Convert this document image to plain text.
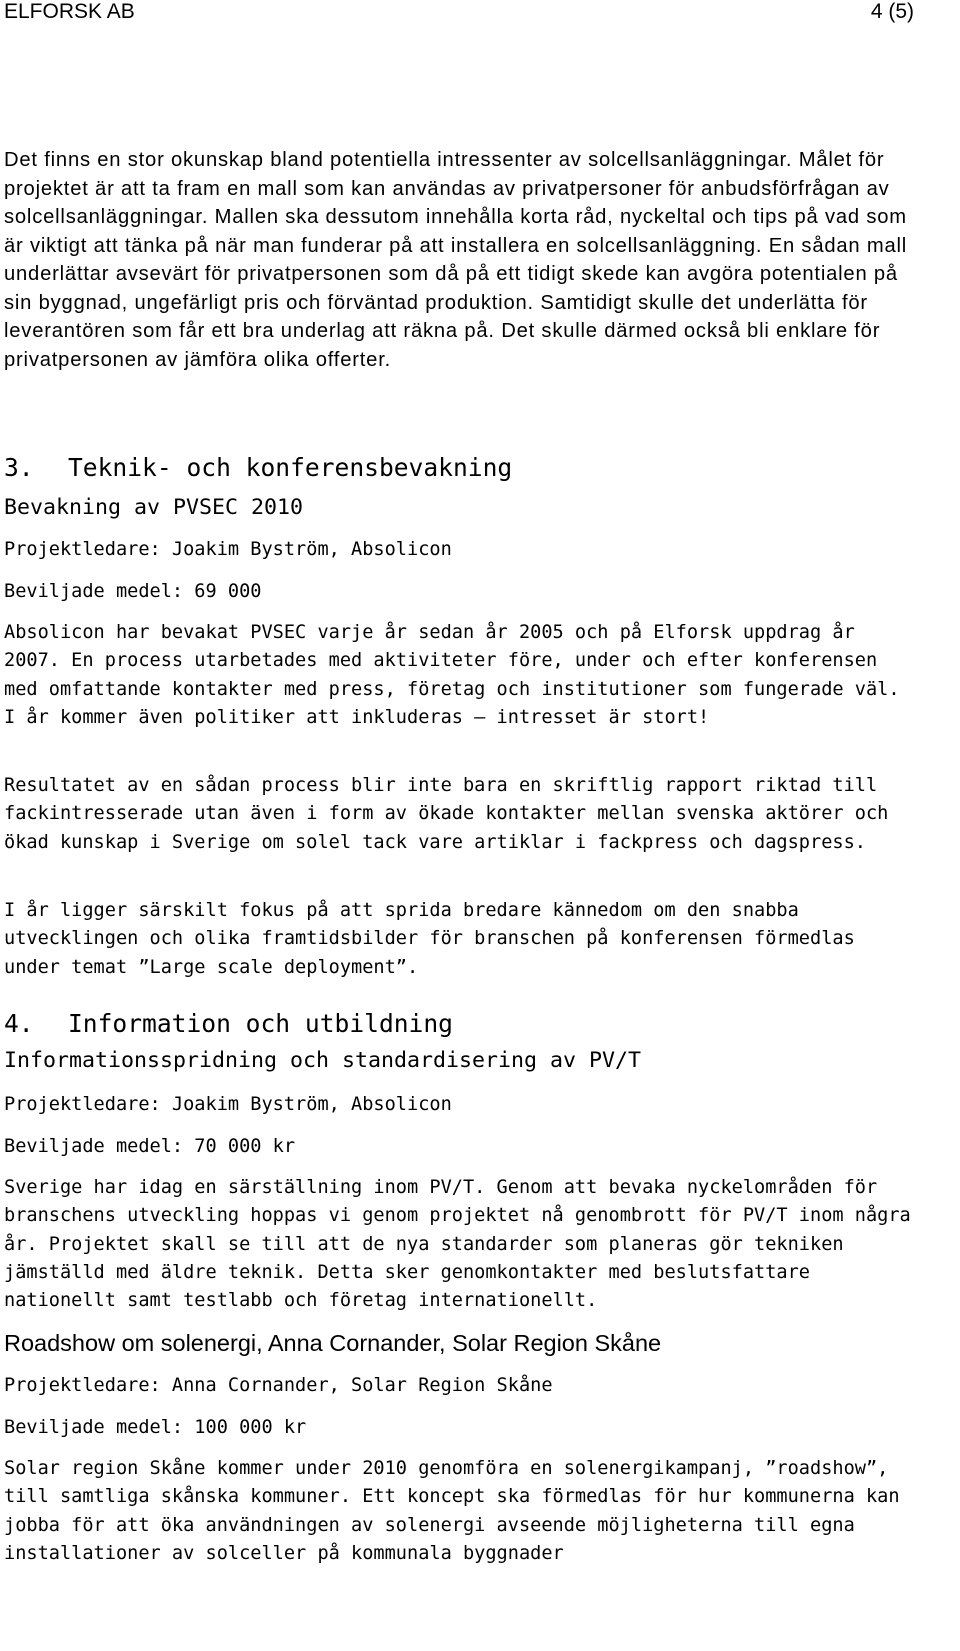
ELFORSK AB	4 (5)

Det finns en stor okunskap bland potentiella intressenter av solcellsanläggningar. Målet för projektet är att ta fram en mall som kan användas av privatpersoner för anbudsförfrågan av solcellsanläggningar. Mallen ska dessutom innehålla korta råd, nyckeltal och tips på vad som är viktigt att tänka på när man funderar på att installera en solcellsanläggning. En sådan mall underlättar avsevärt för privatpersonen som då på ett tidigt skede kan avgöra potentialen på sin byggnad, ungefärligt pris och förväntad produktion. Samtidigt skulle det underlätta för leverantören som får ett bra underlag att räkna på. Det skulle därmed också bli enklare för privatpersonen av jämföra olika offerter.

3. Teknik- och konferensbevakning
Bevakning av PVSEC 2010
Projektledare: Joakim Byström, Absolicon
Beviljade medel: 69 000

Absolicon har bevakat PVSEC varje år sedan år 2005 och på Elforsk uppdrag år 2007. En process utarbetades med aktiviteter före, under och efter konferensen med omfattande kontakter med press, företag och institutioner som fungerade väl. I år kommer även politiker att inkluderas – intresset är stort!

Resultatet av en sådan process blir inte bara en skriftlig rapport riktad till fackintresserade utan även i form av ökade kontakter mellan svenska aktörer och ökad kunskap i Sverige om solel tack vare artiklar i fackpress och dagspress.

I år ligger särskilt fokus på att sprida bredare kännedom om den snabba utvecklingen och olika framtidsbilder för branschen på konferensen förmedlas under temat ”Large scale deployment”.

4. Information och utbildning
Informationsspridning och standardisering av PV/T
Projektledare: Joakim Byström, Absolicon
Beviljade medel: 70 000 kr

Sverige har idag en särställning inom PV/T. Genom att bevaka nyckelområden för branschens utveckling hoppas vi genom projektet nå genombrott för PV/T inom några år. Projektet skall se till att de nya standarder som planeras gör tekniken jämställd med äldre teknik. Detta sker genomkontakter med beslutsfattare nationellt samt testlabb och företag internationellt.

Roadshow om solenergi, Anna Cornander, Solar Region Skåne
Projektledare: Anna Cornander, Solar Region Skåne
Beviljade medel: 100 000 kr

Solar region Skåne kommer under 2010 genomföra en solenergikampanj, ”roadshow”, till samtliga skånska kommuner. Ett koncept ska förmedlas för hur kommunerna kan jobba för att öka användningen av solenergi avseende möjligheterna till egna installationer av solceller på kommunala byggnader
